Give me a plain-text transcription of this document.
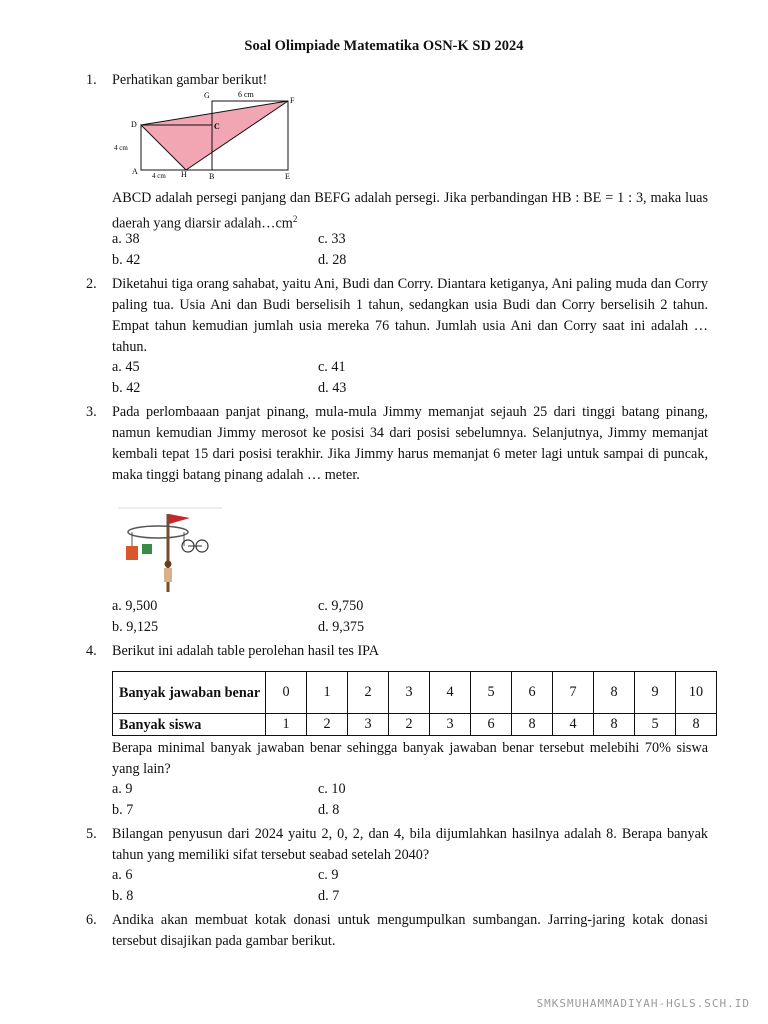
Soal Olimpiade Matematika OSN-K SD 2024
1. Perhatikan gambar berikut!
G	6 cm
F
D	C
4 cm
A 4 cm H	B	E
ABCD adalah persegi panjang dan BEFG adalah persegi. Jika perbandingan HB : BE = 1 : 3, maka luas daerah yang diarsir $adalah\dots cm^2$
a. 38	c. 33
b. 42	d. 28
2. Diketahui tiga orang sahabat, yaitu Ani, Budi dan Corry. Diantara ketiganya, Ani paling muda dan Corry paling tua. Usia Ani dan Budi berselisih 1 tahun, sedangkan usia Budi dan Corry berselisih 2 tahun. Empat tahun kemudian jumlah usia mereka 76 tahun. Jumlah usia Ani dan Corry saat ini adalah … tahun.
a. 45	c. 41
b. 42	d. 43
3. Pada perlombaaan panjat pinang, mula-mula Jimmy memanjat sejauh 25 dari tinggi batang pinang, namun kemudian Jimmy merosot ke posisi 34 dari posisi sebelumnya. Selanjutnya, Jimmy memanjat kembali tepat 15 dari posisi terakhir. Jika Jimmy harus memanjat 6 meter lagi untuk sampai di puncak, maka tinggi batang pinang adalah … meter.
a. 9,500	c. 9,750
b. 9,125	d. 9,375
4. Berikut ini adalah table perolehan hasil tes IPA
Banyak jawaban benar	0	1	2	3	4	5	6	7	8	9	10
Banyak siswa	1	2	3	2	3	6	8	4	8	5	8
Berapa minimal banyak jawaban benar sehingga banyak jawaban benar tersebut melebihi 70% siswa yang lain?
a. 9	c. 10
b. 7	d. 8
5. Bilangan penyusun dari 2024 yaitu 2, 0, 2, dan 4, bila dijumlahkan hasilnya adalah 8. Berapa banyak tahun yang memiliki sifat tersebut seabad setelah 2040?
a. 6	c. 9
b. 8	d. 7
6. Andika akan membuat kotak donasi untuk mengumpulkan sumbangan. Jarring-jaring kotak donasi tersebut disajikan pada gambar berikut.
SMKSMUHAMMADIYAH-HGLS.SCH.ID
